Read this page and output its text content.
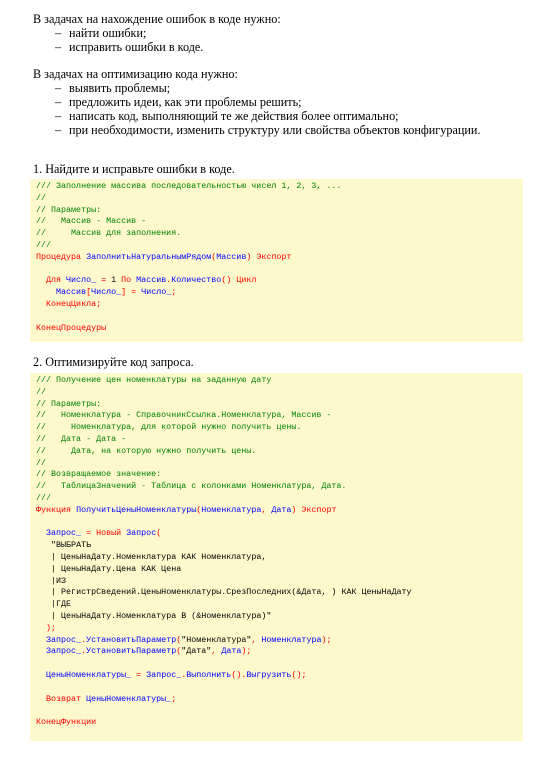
В задачах на нахождение ошибок в коде нужно:
– найти ошибки;
– исправить ошибки в коде.
В задачах на оптимизацию кода нужно:
– выявить проблемы;
– предложить идеи, как эти проблемы решить;
– написать код, выполняющий те же действия более оптимально;
– при необходимости, изменить структуру или свойства объектов конфигурации.
1. Найдите и исправьте ошибки в коде.
/// Заполнение массива последовательностью чисел 1, 2, 3, ...
//
// Параметры:
//   Массив - Массив -
//     Массив для заполнения.
///
Процедура ЗаполнитьНатуральнымРядом(Массив) Экспорт
Для Число_ = 1 По Массив.Количество() Цикл
Массив[Число_] = Число_;
КонецЦикла;
КонецПроцедуры
2. Оптимизируйте код запроса.
/// Получение цен номенклатуры на заданную дату
//
// Параметры:
//   Номенклатура - СправочникСсылка.Номенклатура, Массив -
//     Номенклатура, для которой нужно получить цены.
//   Дата - Дата -
//     Дата, на которую нужно получить цены.
//
// Возвращаемое значение:
//   ТаблицаЗначений - Таблица с колонками Номенклатура, Дата.
///
Функция ПолучитьЦеныНоменклатуры(Номенклатура, Дата) Экспорт
Запрос_ = Новый Запрос(
"ВЫБРАТЬ
| ЦеныНаДату.Номенклатура КАК Номенклатура,
| ЦеныНаДату.Цена КАК Цена
|ИЗ
| РегистрСведений.ЦеныНоменклатуры.СрезПоследних(&Дата, ) КАК ЦеныНаДату
|ГДЕ
| ЦеныНаДату.Номенклатура В (&Номенклатура)"
);
Запрос_.УстановитьПараметр("Номенклатура", Номенклатура);
Запрос_.УстановитьПараметр("Дата", Дата);
ЦеныНоменклатуры_ = Запрос_.Выполнить().Выгрузить();
Возврат ЦеныНоменклатуры_;
КонецФункции
